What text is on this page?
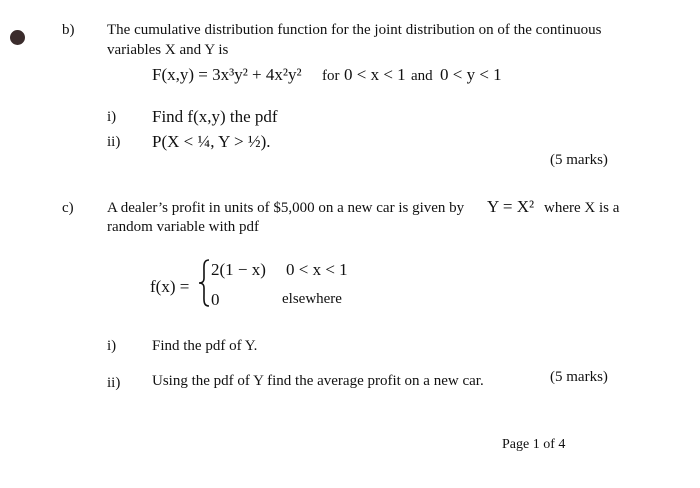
b) The cumulative distribution function for the joint distribution on of the continuous
variables X and Y is
F(x,y) = 3x³y² + 4x²y² for 0 < x < 1 and 0 < y < 1
i) Find f(x,y) the pdf
ii) P(X < ¼, Y > ½).
(5 marks)
c) A dealer’s profit in units of $5,000 on a new car is given by Y = X² where X is a
random variable with pdf
f(x) =
2(1 − x) 0 < x < 1
0	elsewhere
i) Find the pdf of Y.
ii) Using the pdf of Y find the average profit on a new car.	(5 marks)
Page 1 of 4
